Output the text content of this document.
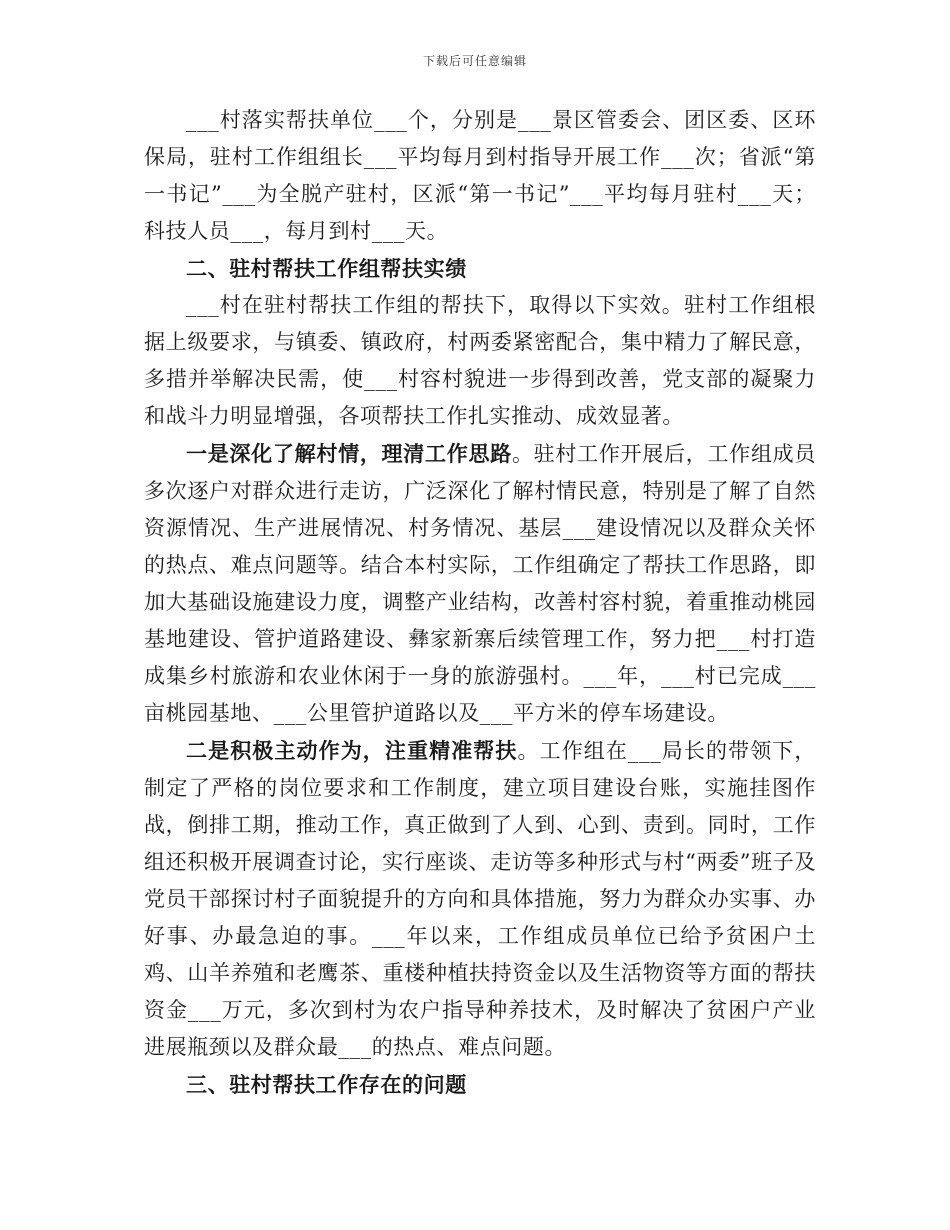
下载后可任意编辑

___村落实帮扶单位___个，分别是___景区管委会、团区委、区环保局，驻村工作组组长___平均每月到村指导开展工作___次；省派“第一书记”___为全脱产驻村，区派“第一书记”___平均每月驻村___天；科技人员___，每月到村___天。

二、驻村帮扶工作组帮扶实绩

___村在驻村帮扶工作组的帮扶下，取得以下实效。驻村工作组根据上级要求，与镇委、镇政府，村两委紧密配合，集中精力了解民意，多措并举解决民需，使___村容村貌进一步得到改善，党支部的凝聚力和战斗力明显增强，各项帮扶工作扎实推动、成效显著。

一是深化了解村情，理清工作思路。驻村工作开展后，工作组成员多次逐户对群众进行走访，广泛深化了解村情民意，特别是了解了自然资源情况、生产进展情况、村务情况、基层___建设情况以及群众关怀的热点、难点问题等。结合本村实际，工作组确定了帮扶工作思路，即加大基础设施建设力度，调整产业结构，改善村容村貌，着重推动桃园基地建设、管护道路建设、彝家新寨后续管理工作，努力把___村打造成集乡村旅游和农业休闲于一身的旅游强村。___年，___村已完成___亩桃园基地、___公里管护道路以及___平方米的停车场建设。

二是积极主动作为，注重精准帮扶。工作组在___局长的带领下，制定了严格的岗位要求和工作制度，建立项目建设台账，实施挂图作战，倒排工期，推动工作，真正做到了人到、心到、责到。同时，工作组还积极开展调查讨论，实行座谈、走访等多种形式与村“两委”班子及党员干部探讨村子面貌提升的方向和具体措施，努力为群众办实事、办好事、办最急迫的事。___年以来，工作组成员单位已给予贫困户土鸡、山羊养殖和老鹰茶、重楼种植扶持资金以及生活物资等方面的帮扶资金___万元，多次到村为农户指导种养技术，及时解决了贫困户产业进展瓶颈以及群众最___的热点、难点问题。

三、驻村帮扶工作存在的问题
